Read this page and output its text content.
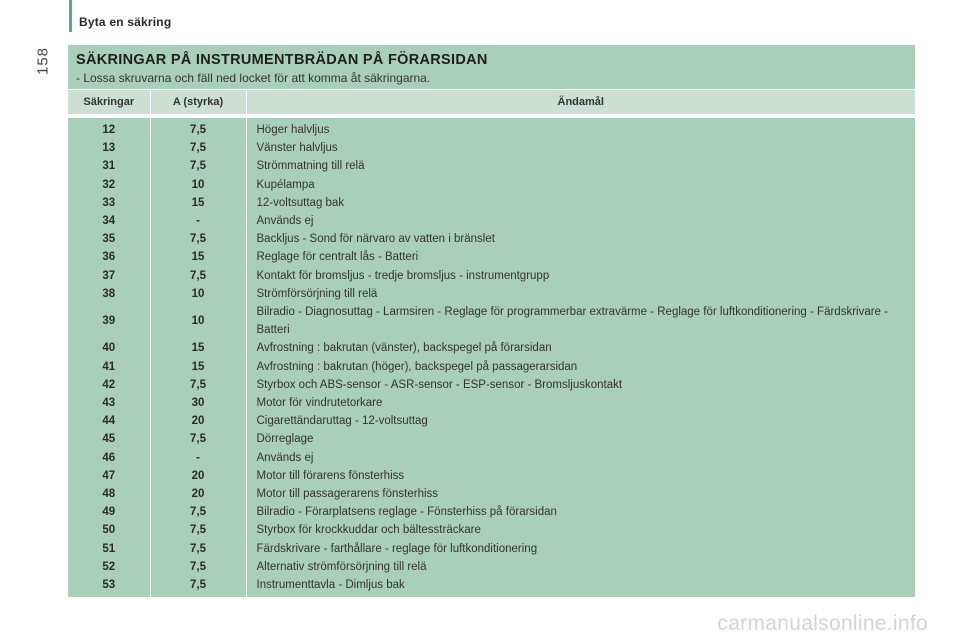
Byta en säkring
158 SÄKRINGAR PÅ INSTRUMENTBRÄDAN PÅ FÖRARSIDAN
- Lossa skruvarna och fäll ned locket för att komma åt säkringarna.
Säkringar	A (styrka)	Ändamål
12	7,5	Höger halvljus
13	7,5	Vänster halvljus
31	7,5	Strömmatning till relä
32	10	Kupélampa
33	15	12-voltsuttag bak
34	-	Används ej
35	7,5	Backljus - Sond för närvaro av vatten i bränslet
36	15	Reglage för centralt lås - Batteri
37	7,5	Kontakt för bromsljus - tredje bromsljus - instrumentgrupp
38	10	Strömförsörjning till relä
39	10	Bilradio - Diagnosuttag - Larmsiren - Reglage för programmerbar extravärme - Reglage för luftkonditionering - Färdskrivare - Batteri
40	15	Avfrostning : bakrutan (vänster), backspegel på förarsidan
41	15	Avfrostning : bakrutan (höger), backspegel på passagerarsidan
42	7,5	Styrbox och ABS-sensor - ASR-sensor - ESP-sensor - Bromsljuskontakt
43	30	Motor för vindrutetorkare
44	20	Cigarettändaruttag - 12-voltsuttag
45	7,5	Dörreglage
46	-	Används ej
47	20	Motor till förarens fönsterhiss
48	20	Motor till passagerarens fönsterhiss
49	7,5	Bilradio - Förarplatsens reglage - Fönsterhiss på förarsidan
50	7,5	Styrbox för krockkuddar och bältessträckare
51	7,5	Färdskrivare - farthållare - reglage för luftkonditionering
52	7,5	Alternativ strömförsörjning till relä
53	7,5	Instrumenttavla - Dimljus bak
carmanualsonline.info
